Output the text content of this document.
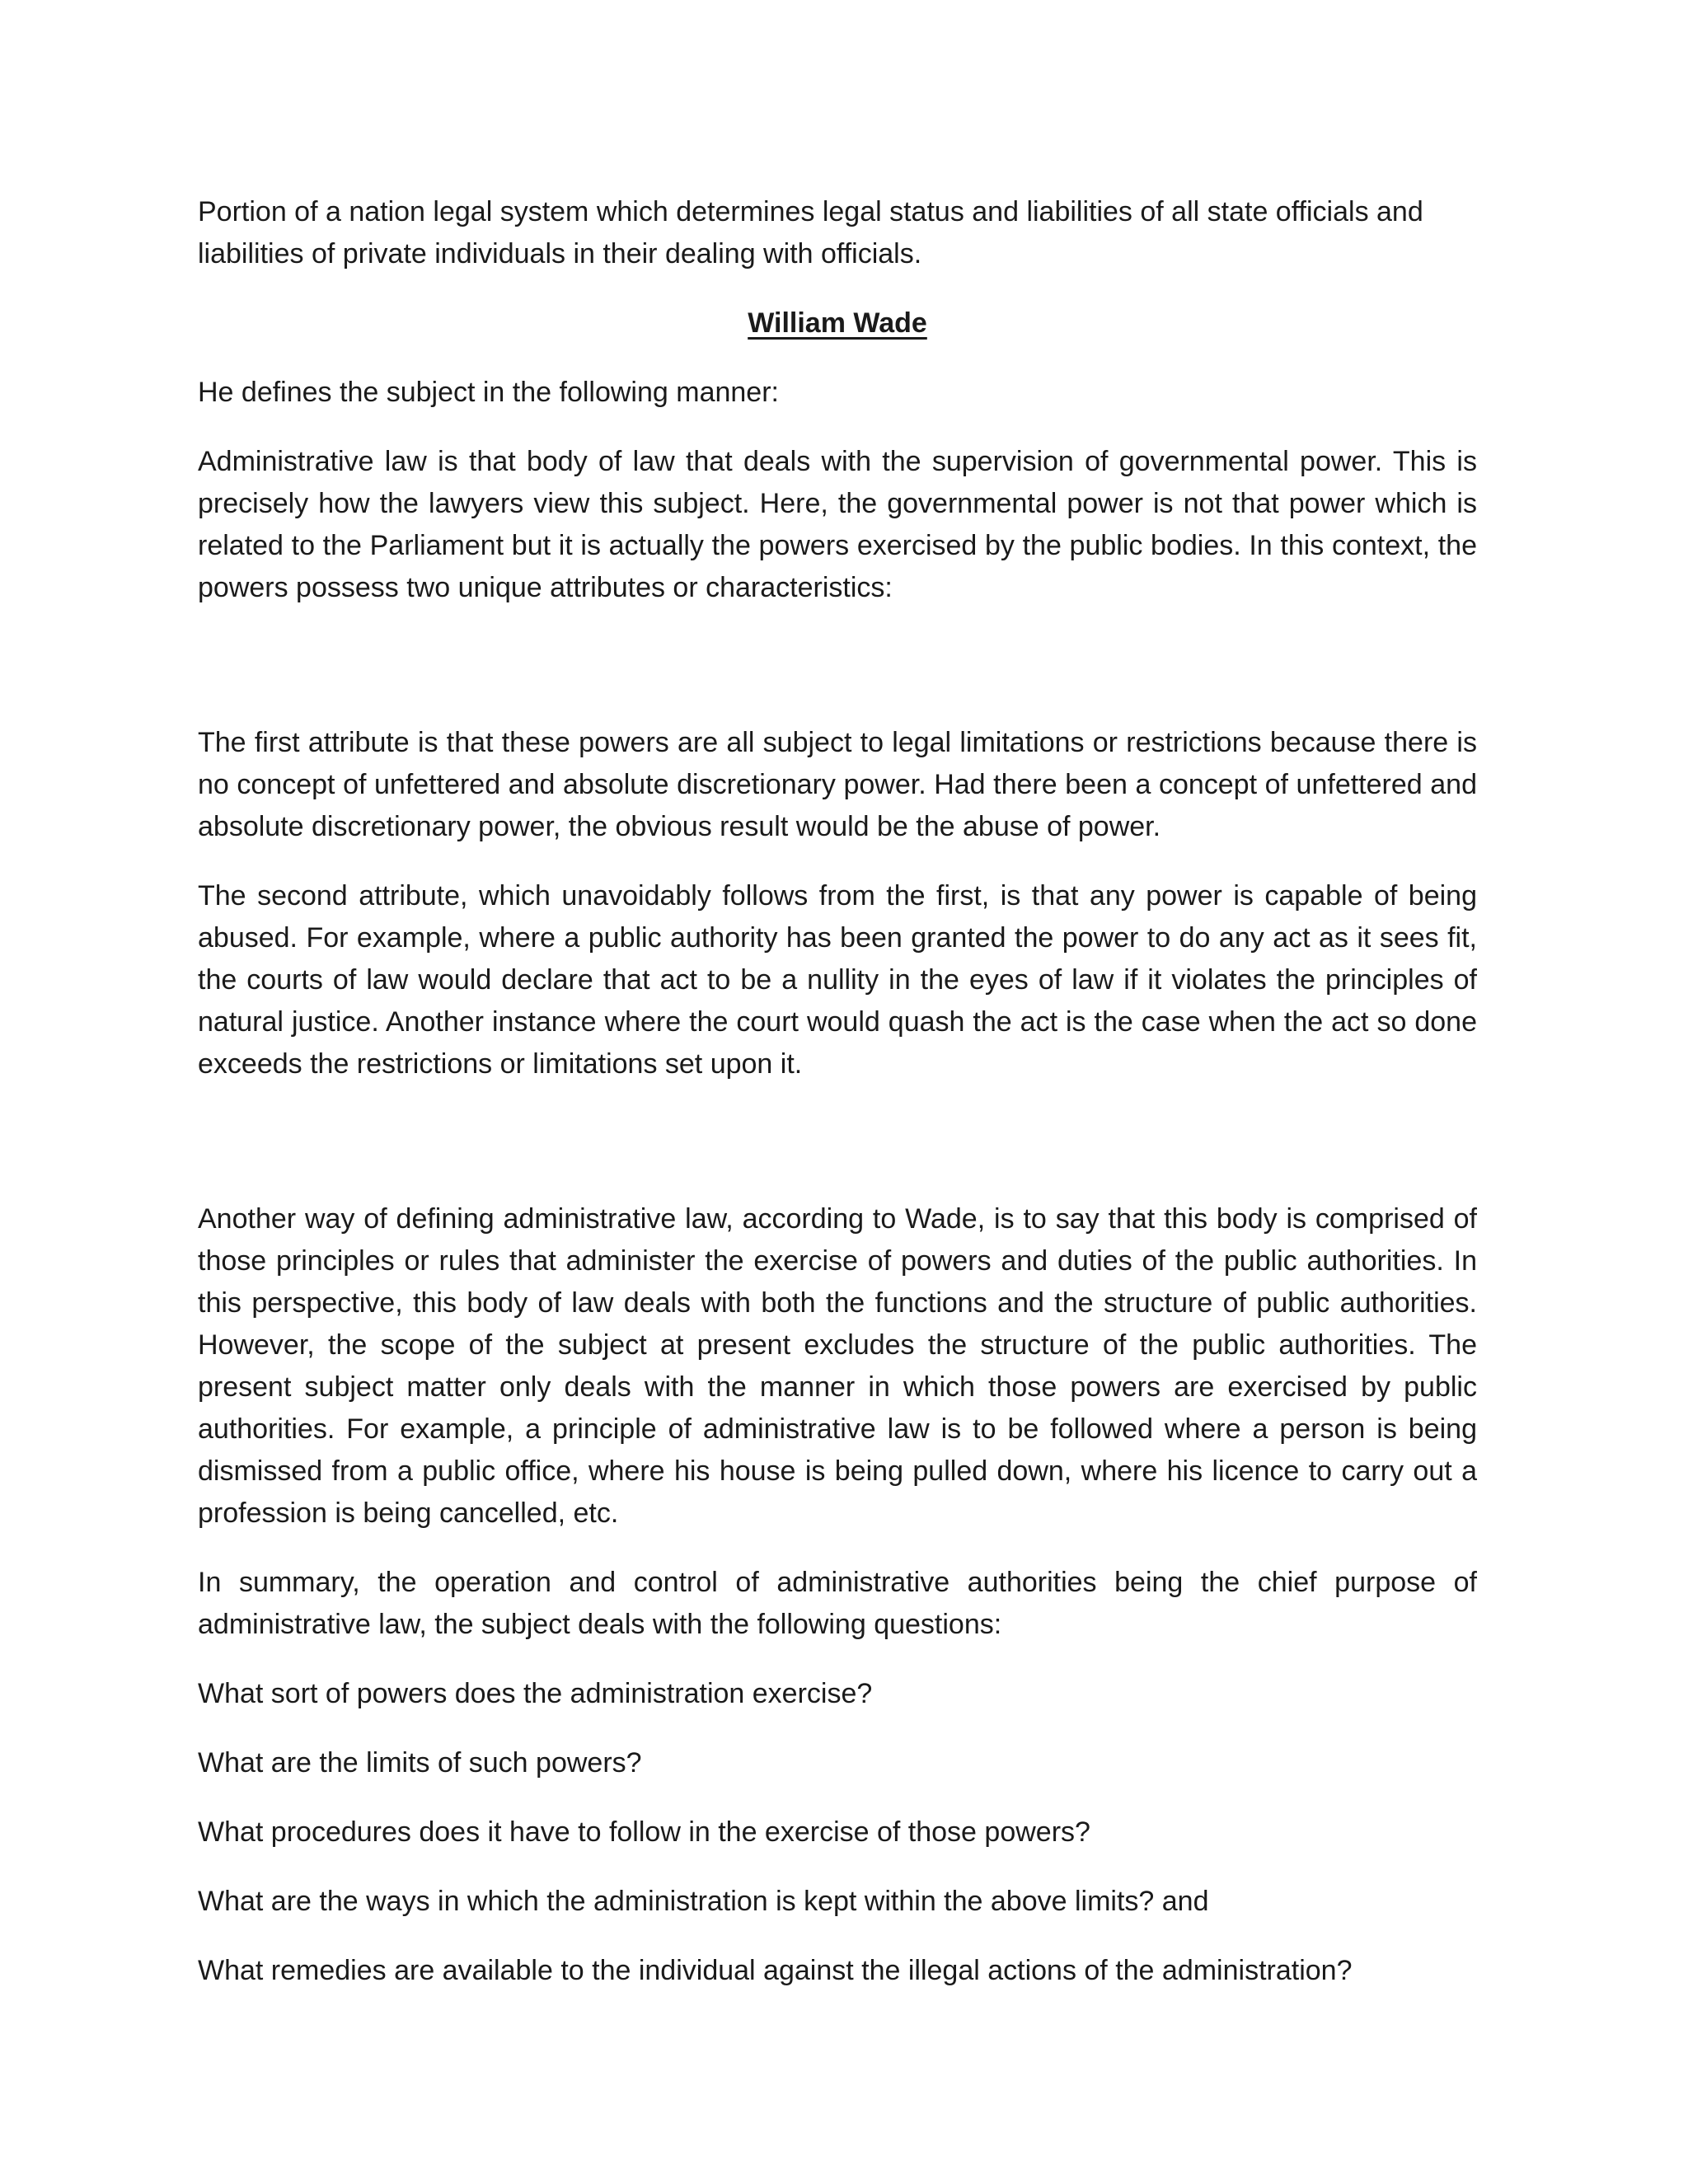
Portion of a nation legal system which determines legal status and liabilities of all state officials and liabilities of private individuals in their dealing with officials.

William Wade

He defines the subject in the following manner:

Administrative law is that body of law that deals with the supervision of governmental power. This is precisely how the lawyers view this subject. Here, the governmental power is not that power which is related to the Parliament but it is actually the powers exercised by the public bodies. In this context, the powers possess two unique attributes or characteristics:

The first attribute is that these powers are all subject to legal limitations or restrictions because there is no concept of unfettered and absolute discretionary power. Had there been a concept of unfettered and absolute discretionary power, the obvious result would be the abuse of power.

The second attribute, which unavoidably follows from the first, is that any power is capable of being abused. For example, where a public authority has been granted the power to do any act as it sees fit, the courts of law would declare that act to be a nullity in the eyes of law if it violates the principles of natural justice. Another instance where the court would quash the act is the case when the act so done exceeds the restrictions or limitations set upon it.

Another way of defining administrative law, according to Wade, is to say that this body is comprised of those principles or rules that administer the exercise of powers and duties of the public authorities. In this perspective, this body of law deals with both the functions and the structure of public authorities. However, the scope of the subject at present excludes the structure of the public authorities. The present subject matter only deals with the manner in which those powers are exercised by public authorities. For example, a principle of administrative law is to be followed where a person is being dismissed from a public office, where his house is being pulled down, where his licence to carry out a profession is being cancelled, etc.

In summary, the operation and control of administrative authorities being the chief purpose of administrative law, the subject deals with the following questions:

What sort of powers does the administration exercise?

What are the limits of such powers?

What procedures does it have to follow in the exercise of those powers?

What are the ways in which the administration is kept within the above limits? and

What remedies are available to the individual against the illegal actions of the administration?
